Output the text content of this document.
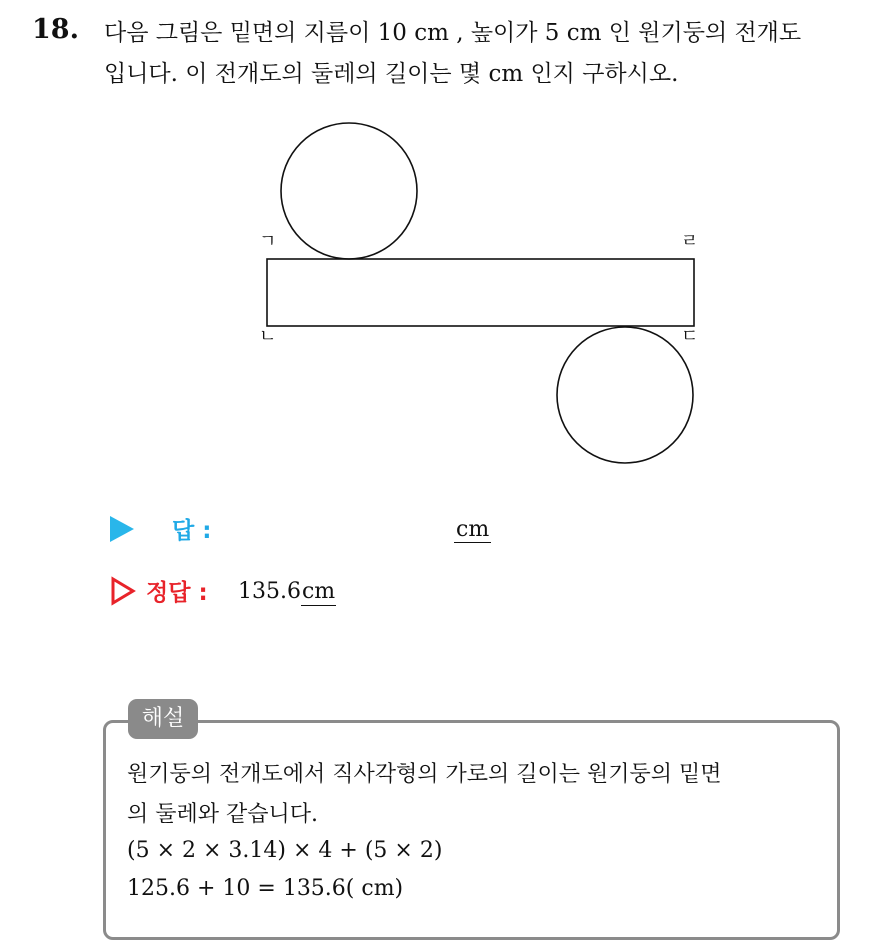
18. 다음 그림은 밑면의 지름이 10 cm , 높이가 5 cm 인 원기둥의 전개도
입니다. 이 전개도의 둘레의 길이는 몇 cm 인지 구하시오.
ㄱ
ㄴ	ㄷ
ㄹ
답 :	cm
정답 : 135.6cm
해설
원기둥의 전개도에서 직사각형의 가로의 길이는 원기둥의 밑면
의 둘레와 같습니다.
(5 × 2 × 3.14) × 4 + (5 × 2)
125.6 + 10 = 135.6( cm)
